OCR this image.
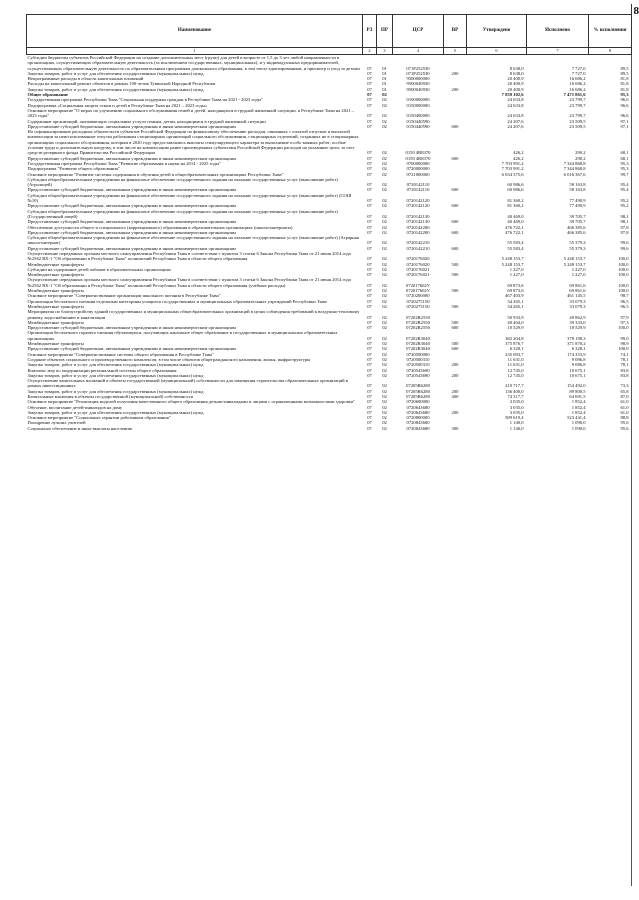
8
Наименование	РЗ	ПР	ЦСР	ВР	Утверждено	Исполнено	% исполнения
1	2	3	4	5	6	7	8
Субсидии бюджетам субъектов Российской Федерации на создание дополнительных мест (групп) для детей в возрасте от 1,5 до 3 лет любой направленности в организациях, осуществляющих образовательную деятельность (за исключением государственных, муниципальных), и у индивидуальных предпринимателей, осуществляющих образовательную деятельность по образовательным программам дошкольного образования, в том числе адаптированным, и присмотр и уход за детьми	07	01	071P252530		8 638,0	7 727,0	89,5
Закупка товаров, работ и услуг для обеспечения государственных (муниципальных) нужд	07	01	071P252530	200	8 638,0	7 727,0	89,5
Непрограммные расходы в области капитальных вложений	07	01	9500000000		20 400,9	16 686,2	81,8
Расходы на капитальный ремонт объектов в рамках 100-летия Тувинской Народной Республики	07	01	9500040930		20 400,9	16 686,2	81,8
Закупка товаров, работ и услуг для обеспечения государственных (муниципальных) нужд	07	01	9500040930	200	20 400,9	16 686,2	81,8
Общее образование	07	02			7 839 102,6	7 471 861,6	95,3
Государственная программа Республики Тыва "Социальная поддержка граждан в Республике Тыва на 2021 - 2023 годы"	07	02	0100000000		24 633,8	23 799,7	96,6
Подпрограмма «Социальная защита семьи и детей в Республике Тыва на 2021 – 2023 годы»	07	02	0150000000		24 633,8	23 799,7	96,6
Основное мероприятие "О мерах по улучшению социального обслуживания семей и детей, находящихся в трудной жизненной ситуации, в Республике Тыва на 2021 – 2023 годы"	07	02	0150400000		24 633,8	23 799,7	96,6
Содержание организаций, оказывающих социальные услуги семьям, детям, находящимся в трудной жизненной ситуации	07	02	0150440590		24 207,6	23 509,5	97,1
Предоставление субсидий бюджетным, автономным учреждениям и иным некоммерческим организациям	07	02	0150440590	600	24 207,6	23 509,5	97,1
На софинансирование расходных обязательств субъектов Российской Федерации по финансовому обеспечению расходов, связанных с оплатой отпусков и выплатой компенсации за неиспользованные отпуска работникам стационарных организаций социального обслуживания, стационарных отделений, созданных не в стационарных организациях социального обслуживания, которым в 2020 году предоставлялись выплаты стимулирующего характера за выполнение особо важных работ, особые условия труда и дополнительную нагрузку, в том числе на компенсацию ранее произведенных субъектами Российской Федерации расходов на указанные цели, за счет средств резервного фонда Правительства Российской Федерации	07	02	0150 4R8370		426,2	290,2	68,1
Предоставление субсидий бюджетным, автономным учреждениям и иным некоммерческим организациям	07	02	0150 4R8370	600	426,2	290,2	68,1
Государственная программа Республики Тыва "Развитие образования и науки на 2014 - 2025 годы"	07	02	0700000000		7 703 991,2	7 344 868,8	95,3
Подпрограмма "Развитие общего образования"	07	02	0720000000		7 703 991,2	7 344 868,8	95,3
Основное мероприятие "Развитие системы содержания и обучения детей в общеобразовательных организациях Республики Тыва"	07	02	0721000000		6 034 375,6	6 016 367,6	99,7
Субсидии общеобразовательным учреждениям на финансовое обеспечение государственного задания на оказание государственных услуг (выполнение работ) (Агролицей)	07	02	0720142110		60 986,6	58 163,8	95,4
Предоставление субсидий бюджетным, автономным учреждениям и иным некоммерческим организациям	07	02	0720142110	600	60 986,6	58 163,8	95,4
Субсидии общеобразовательным учреждениям на финансовое обеспечение государственного задания на оказание государственных услуг (выполнение работ) (СОШ №10)	07	02	0720142120		81 360,2	77 490,9	95,2
Предоставление субсидий бюджетным, автономным учреждениям и иным некоммерческим организациям	07	02	0720142120	600	81 360,2	77 490,9	95,2
Субсидии общеобразовательным учреждениям на финансовое обеспечение государственного задания на оказание государственных услуг (выполнение работ) (Государственный лицей)	07	02	0720142130		40 469,0	39 705,7	98,1
Предоставление субсидий бюджетным, автономным учреждениям и иным некоммерческим организациям	07	02	0720142130	600	40 469,0	39 705,7	98,1
Обеспечение доступности общего и специального (коррекционного) образования в образовательных организациях (школы-интернаты)	07	02	0720142200		476 722,1	466 385,6	97,8
Предоставление субсидий бюджетным, автономным учреждениям и иным некоммерческим организациям	07	02	0720142200	600	476 722,1	466 385,6	97,8
Субсидии общеобразовательным учреждениям на финансовое обеспечение государственного задания на оказание государственных услуг (выполнение работ) (Аграрная школа-интернат)	07	02	0720142210		55 583,4	55 379,3	99,6
Предоставление субсидий бюджетным, автономным учреждениям и иным некоммерческим организациям	07	02	0720142210	600	55 583,4	55 379,3	99,6
Осуществление переданных органам местного самоуправления Республики Тыва в соответствии с пунктом 3 статьи 6 Закона Республики Тыва от 21 июня 2014 года №2562 ВХ-1 "Об образовании в Республике Тыва" полномочий Республики Тыва в области общего образования	07	02	0720176020		5 248 153,7	5 248 153,7	100,0
Межбюджетные трансферты	07	02	0720176020	500	5 248 153,7	5 248 153,7	100,0
Субсидии на содержание детей чабанов в образовательных организациях	07	02	0720176021		1 227,0	1 227,0	100,0
Межбюджетные трансферты	07	02	0720176021	500	1 227,0	1 227,0	100,0
Осуществление переданных органам местного самоуправления Республики Тыва в соответствии с пунктом 3 статьи 6 Закона Республики Тыва от 21 июня 2014 года №2562 ВХ-1 "Об образовании в Республике Тыва" полномочий Республики Тыва в области общего образования (учебные расходы)	07	02	072017602У		69 873,6	69 861,6	100,0
Межбюджетные трансферты	07	02	072017602У	500	69 873,6	69 861,6	100,0
Основное мероприятие "Совершенствование организации школьного питания в Республике Тыва"	07	02	0720200000		467 403,9	461 145,5	98,7
Организация бесплатного питания отдельным категориям учащихся государственных и муниципальных образовательных учреждений Республики Тыва	07	02	0720275150		34 265,1	33 079,3	96,5
Межбюджетные трансферты	07	02	0720275150	500	34 265,1	33 079,3	96,5
Мероприятия по благоустройству зданий государственных и муниципальных общеобразовательных организаций в целях соблюдения требований к воздушно-тепловому режиму, водоснабжению и канализации	07	02	07202R2550		50 933,9	49 862,9	97,9
Межбюджетные трансферты	07	02	07202R2550	500	40 404,0	39 333,0	97,3
Предоставление субсидий бюджетным, автономным учреждениям и иным некоммерческим организациям	07	02	07202R2550	600	10 529,9	10 529,9	100,0
Организация бесплатного горячего питания обучающихся, получающих начальное общее образование в государственных и муниципальных образовательных организациях	07	02	07202R3040		382 204,8	378 198,3	99,0
Межбюджетные трансферты	07	02	07202R3040	500	375 876,7	371 870,2	98,9
Предоставление субсидий бюджетным, автономным учреждениям и иным некоммерческим организациям	07	02	07202R3040	600	6 328,1	6 328,1	100,0
Основное мероприятие "Совершенствование системы общего образования в Республике Тыва"	07	02	0720500000		235 093,7	174 253,9	74,1
Создание объектов социального и производственного комплексов, в том числе объектов общегражданского назначения, жилья, инфраструктуры	07	02	0720500310		11 631,0	9 086,8	78,1
Закупка товаров, работ и услуг для обеспечения государственных (муниципальных) нужд	07	02	0720500310	200	11 631,0	9 086,8	78,1
Комплекс мер по модернизации региональной системы общего образования	07	02	0720543690		12 745,0	10 675,1	83,8
Закупка товаров, работ и услуг для обеспечения государственных (муниципальных) нужд	07	02	0720543690	200	12 745,0	10 675,1	83,8
Осуществление капитальных вложений в объекты государственной (муниципальной) собственности для замещения строительства образовательных организаций в рамках инвестиционных	07	02	07205R6280		210 717,7	154 492,0	73,3
Закупка товаров, работ и услуг для обеспечения государственных (муниципальных) нужд	07	02	07205R6280	200	136 400,0	89 800,5	65,8
Капитальные вложения в объекты государственной (муниципальной) собственности	07	02	07205R6280	400	74 317,7	64 691,5	87,0
Основное мероприятие "Реализация моделей получения качественного общего образования детьми-инвалидами и лицами с ограниченными возможностями здоровья"	07	02	0720600000		3 035,0	1 852,4	61,0
Обучение, воспитание детей-инвалидов на дому	07	02	0720643680		3 035,0	1 852,4	61,0
Закупка товаров, работ и услуг для обеспечения государственных (муниципальных) нужд	07	02	0720643680	200	3 035,0	1 852,4	61,0
Основное мероприятие "Социальные гарантии работникам образования"	07	02	0720800000		589 619,4	523 441,4	88,8
Поощрение лучших учителей	07	02	0720843680		1 140,0	1 090,0	95,6
Социальное обеспечение и иные выплаты населению	07	02	0720843680	300	1 140,0	1 090,0	95,6
